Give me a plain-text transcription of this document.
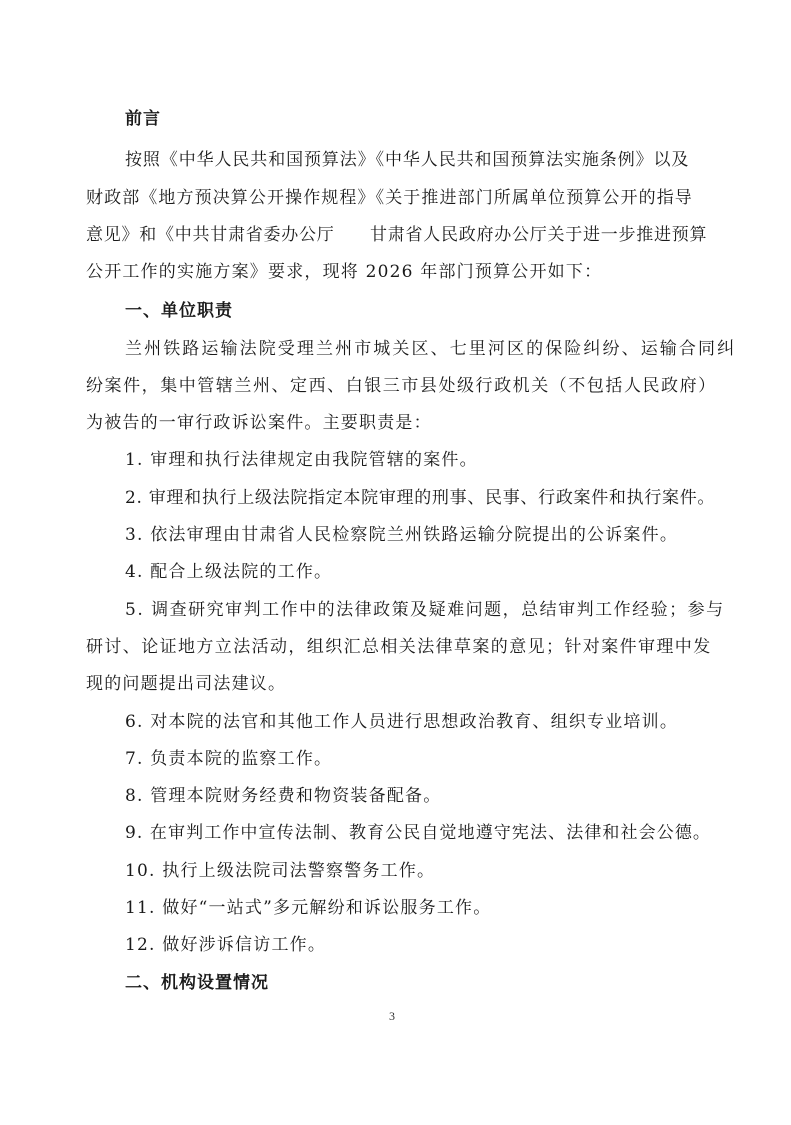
前言

按照《中华人民共和国预算法》《中华人民共和国预算法实施条例》以及

财政部《地方预决算公开操作规程》《关于推进部门所属单位预算公开的指导

意见》和《中共甘肃省委办公厅　　甘肃省人民政府办公厅关于进一步推进预算

公开工作的实施方案》要求，现将 2026 年部门预算公开如下：

一、单位职责

兰州铁路运输法院受理兰州市城关区、七里河区的保险纠纷、运输合同纠

纷案件，集中管辖兰州、定西、白银三市县处级行政机关（不包括人民政府）

为被告的一审行政诉讼案件。主要职责是：

1. 审理和执行法律规定由我院管辖的案件。

2. 审理和执行上级法院指定本院审理的刑事、民事、行政案件和执行案件。

3. 依法审理由甘肃省人民检察院兰州铁路运输分院提出的公诉案件。

4. 配合上级法院的工作。

5. 调查研究审判工作中的法律政策及疑难问题，总结审判工作经验；参与

研讨、论证地方立法活动，组织汇总相关法律草案的意见；针对案件审理中发

现的问题提出司法建议。

6. 对本院的法官和其他工作人员进行思想政治教育、组织专业培训。

7. 负责本院的监察工作。

8. 管理本院财务经费和物资装备配备。

9. 在审判工作中宣传法制、教育公民自觉地遵守宪法、法律和社会公德。

10. 执行上级法院司法警察警务工作。

11. 做好“一站式”多元解纷和诉讼服务工作。

12. 做好涉诉信访工作。

二、机构设置情况
3
